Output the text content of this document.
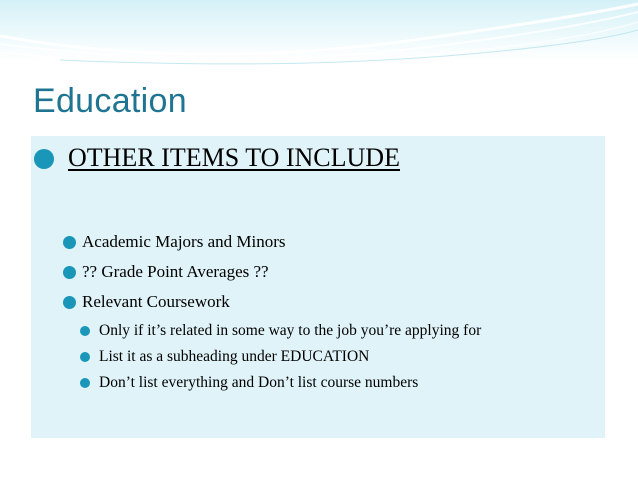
Education
OTHER ITEMS TO INCLUDE
Academic Majors and Minors
?? Grade Point Averages ??
Relevant Coursework
Only if it’s related in some way to the job you’re applying for
List it as a subheading under EDUCATION
Don’t list everything and Don’t list course numbers
